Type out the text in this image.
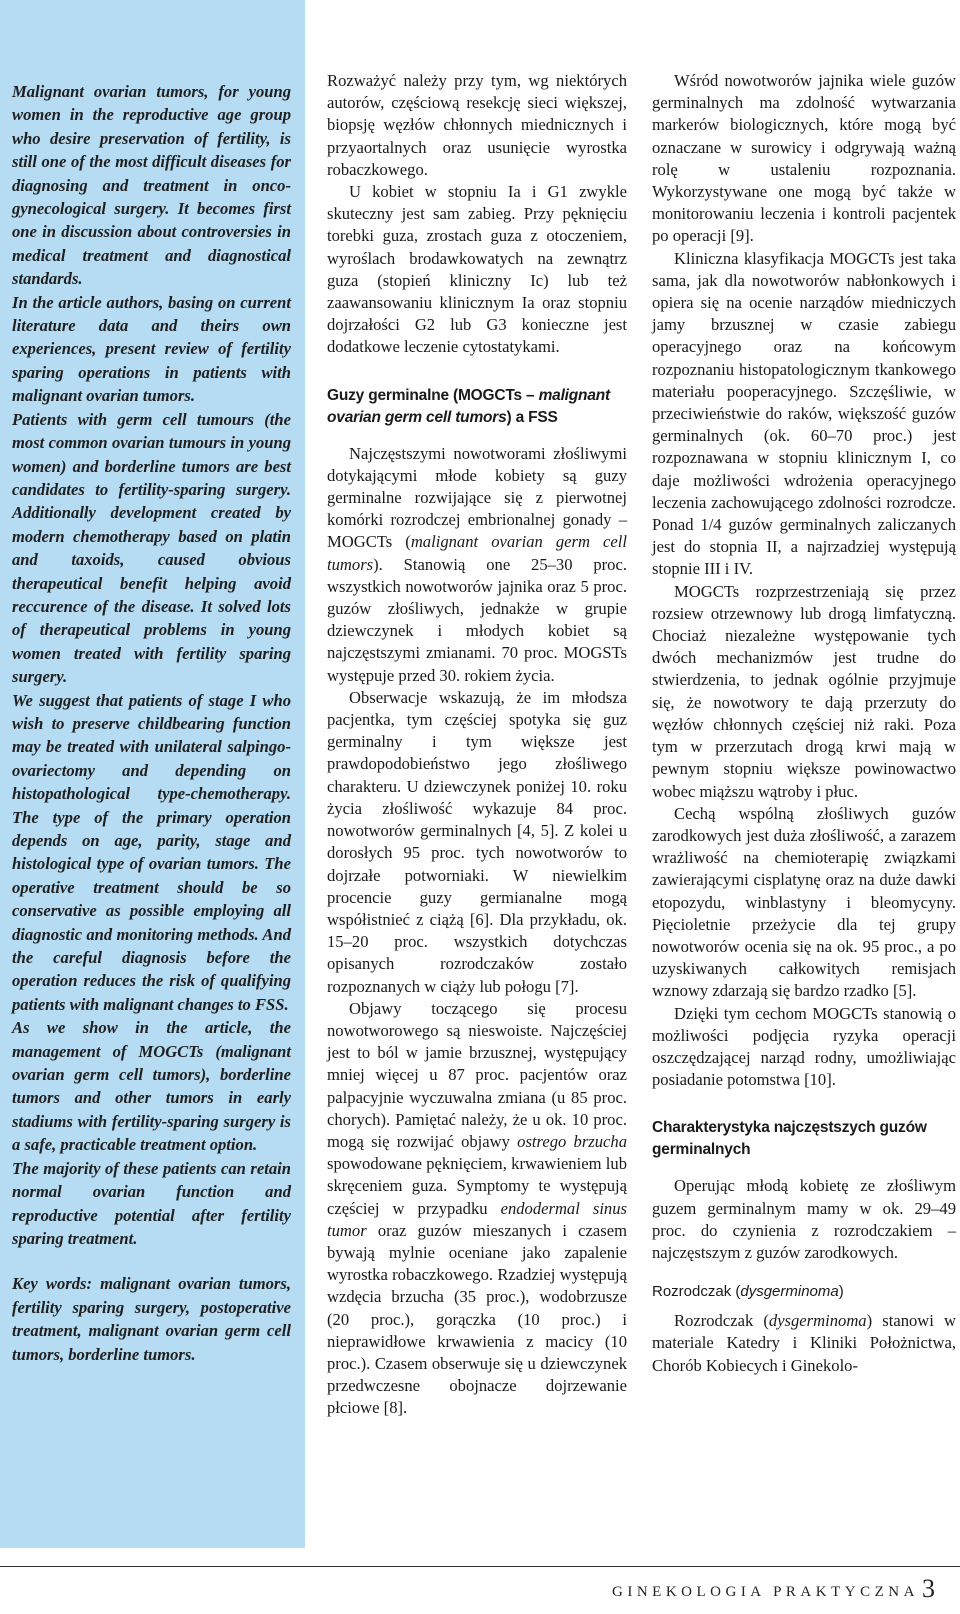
Malignant ovarian tumors, for young women in the reproductive age group who desire preservation of fertility, is still one of the most difficult diseases for diagnosing and treatment in onco-gynecological surgery. It becomes first one in discussion about controversies in medical treatment and diagnostical standards.

In the article authors, basing on current literature data and theirs own experiences, present review of fertility sparing operations in patients with malignant ovarian tumors.

Patients with germ cell tumours (the most common ovarian tumours in young women) and borderline tumors are best candidates to fertility-sparing surgery. Additionally development created by modern chemotherapy based on platin and taxoids, caused obvious therapeutical benefit helping avoid reccurence of the disease. It solved lots of therapeutical problems in young women treated with fertility sparing surgery.

We suggest that patients of stage I who wish to preserve childbearing function may be treated with unilateral salpingo-ovariectomy and depending on histopathological type-chemotherapy. The type of the primary operation depends on age, parity, stage and histological type of ovarian tumors. The operative treatment should be so conservative as possible employing all diagnostic and monitoring methods. And the careful diagnosis before the operation reduces the risk of qualifying patients with malignant changes to FSS.

As we show in the article, the management of MOGCTs (malignant ovarian germ cell tumors), borderline tumors and other tumors in early stadiums with fertility-sparing surgery is a safe, practicable treatment option.

The majority of these patients can retain normal ovarian function and reproductive potential after fertility sparing treatment.

Key words: malignant ovarian tumors, fertility sparing surgery, postoperative treatment, malignant ovarian germ cell tumors, borderline tumors.

Rozważyć należy przy tym, wg niektórych autorów, częściową resekcję sieci większej, biopsję węzłów chłonnych miednicznych i przyaortalnych oraz usunięcie wyrostka robaczkowego.

U kobiet w stopniu Ia i G1 zwykle skuteczny jest sam zabieg. Przy pęknięciu torebki guza, zrostach guza z otoczeniem, wyroślach brodawkowatych na zewnątrz guza (stopień kliniczny Ic) lub też zaawansowaniu klinicznym Ia oraz stopniu dojrzałości G2 lub G3 konieczne jest dodatkowe leczenie cytostatykami.

Guzy germinalne (MOGCTs – malignant ovarian germ cell tumors) a FSS

Najczęstszymi nowotworami złośliwymi dotykającymi młode kobiety są guzy germinalne rozwijające się z pierwotnej komórki rozrodczej embrionalnej gonady – MOGCTs (malignant ovarian germ cell tumors). Stanowią one 25–30 proc. wszystkich nowotworów jajnika oraz 5 proc. guzów złośliwych, jednakże w grupie dziewczynek i młodych kobiet są najczęstszymi zmianami. 70 proc. MOGSTs występuje przed 30. rokiem życia.

Obserwacje wskazują, że im młodsza pacjentka, tym częściej spotyka się guz germinalny i tym większe jest prawdopodobieństwo jego złośliwego charakteru. U dziewczynek poniżej 10. roku życia złośliwość wykazuje 84 proc. nowotworów germinalnych [4, 5]. Z kolei u dorosłych 95 proc. tych nowotworów to dojrzałe potworniaki. W niewielkim procencie guzy germianalne mogą współistnieć z ciążą [6]. Dla przykładu, ok. 15–20 proc. wszystkich dotychczas opisanych rozrodczaków zostało rozpoznanych w ciąży lub połogu [7].

Objawy toczącego się procesu nowotworowego są nieswoiste. Najczęściej jest to ból w jamie brzusznej, występujący mniej więcej u 87 proc. pacjentów oraz palpacyjnie wyczuwalna zmiana (u 85 proc. chorych). Pamiętać należy, że u ok. 10 proc. mogą się rozwijać objawy ostrego brzucha spowodowane pęknięciem, krwawieniem lub skręceniem guza. Symptomy te występują częściej w przypadku endodermal sinus tumor oraz guzów mieszanych i czasem bywają mylnie oceniane jako zapalenie wyrostka robaczkowego. Rzadziej występują wzdęcia brzucha (35 proc.), wodobrzusze (20 proc.), gorączka (10 proc.) i nieprawidłowe krwawienia z macicy (10 proc.). Czasem obserwuje się u dziewczynek przedwczesne obojnacze dojrzewanie płciowe [8].

Wśród nowotworów jajnika wiele guzów germinalnych ma zdolność wytwarzania markerów biologicznych, które mogą być oznaczane w surowicy i odgrywają ważną rolę w ustaleniu rozpoznania. Wykorzystywane one mogą być także w monitorowaniu leczenia i kontroli pacjentek po operacji [9].

Kliniczna klasyfikacja MOGCTs jest taka sama, jak dla nowotworów nabłonkowych i opiera się na ocenie narządów miedniczych jamy brzusznej w czasie zabiegu operacyjnego oraz na końcowym rozpoznaniu histopatologicznym tkankowego materiału pooperacyjnego. Szczęśliwie, w przeciwieństwie do raków, większość guzów germinalnych (ok. 60–70 proc.) jest rozpoznawana w stopniu klinicznym I, co daje możliwości wdrożenia operacyjnego leczenia zachowującego zdolności rozrodcze. Ponad 1/4 guzów germinalnych zaliczanych jest do stopnia II, a najrzadziej występują stopnie III i IV.

MOGCTs rozprzestrzeniają się przez rozsiew otrzewnowy lub drogą limfatyczną. Chociaż niezależne występowanie tych dwóch mechanizmów jest trudne do stwierdzenia, to jednak ogólnie przyjmuje się, że nowotwory te dają przerzuty do węzłów chłonnych częściej niż raki. Poza tym w przerzutach drogą krwi mają w pewnym stopniu większe powinowactwo wobec miąższu wątroby i płuc.

Cechą wspólną złośliwych guzów zarodkowych jest duża złośliwość, a zarazem wrażliwość na chemioterapię związkami zawierającymi cisplatynę oraz na duże dawki etopozydu, winblastyny i bleomycyny. Pięcioletnie przeżycie dla tej grupy nowotworów ocenia się na ok. 95 proc., a po uzyskiwanych całkowitych remisjach wznowy zdarzają się bardzo rzadko [5].

Dzięki tym cechom MOGCTs stanowią o możliwości podjęcia ryzyka operacji oszczędzającej narząd rodny, umożliwiając posiadanie potomstwa [10].

Charakterystyka najczęstszych guzów germinalnych

Operując młodą kobietę ze złośliwym guzem germinalnym mamy w ok. 29–49 proc. do czynienia z rozrodczakiem – najczęstszym z guzów zarodkowych.

Rozrodczak (dysgerminoma)

Rozrodczak (dysgerminoma) stanowi w materiale Katedry i Kliniki Położnictwa, Chorób Kobiecych i Ginekolo-

GINEKOLOGIA PRAKTYCZNA 3
